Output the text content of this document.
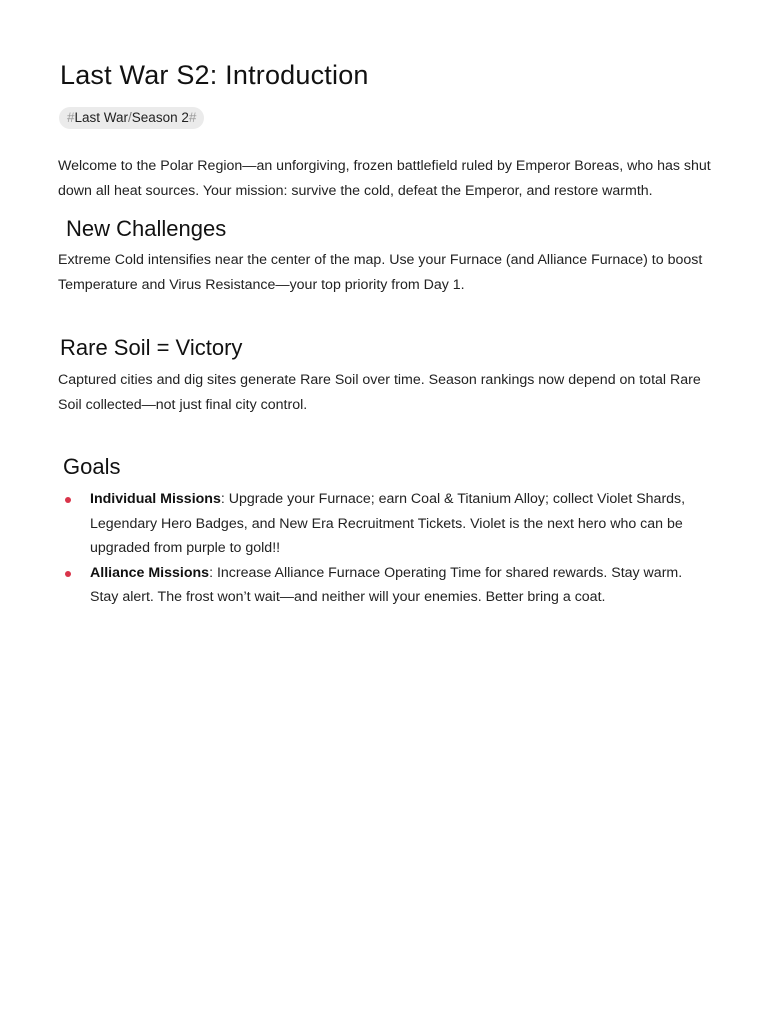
Last War S2: Introduction
#Last War/Season 2#

Welcome to the Polar Region—an unforgiving, frozen battlefield ruled by Emperor Boreas, who has shut down all heat sources. Your mission: survive the cold, defeat the Emperor, and restore warmth.

New Challenges

Extreme Cold intensifies near the center of the map. Use your Furnace (and Alliance Furnace) to boost Temperature and Virus Resistance—your top priority from Day 1.

Rare Soil = Victory

Captured cities and dig sites generate Rare Soil over time. Season rankings now depend on total Rare Soil collected—not just final city control.

Goals
Individual Missions: Upgrade your Furnace; earn Coal & Titanium Alloy; collect Violet Shards, Legendary Hero Badges, and New Era Recruitment Tickets. Violet is the next hero who can be upgraded from purple to gold!!
Alliance Missions: Increase Alliance Furnace Operating Time for shared rewards. Stay warm. Stay alert. The frost won’t wait—and neither will your enemies. Better bring a coat.
